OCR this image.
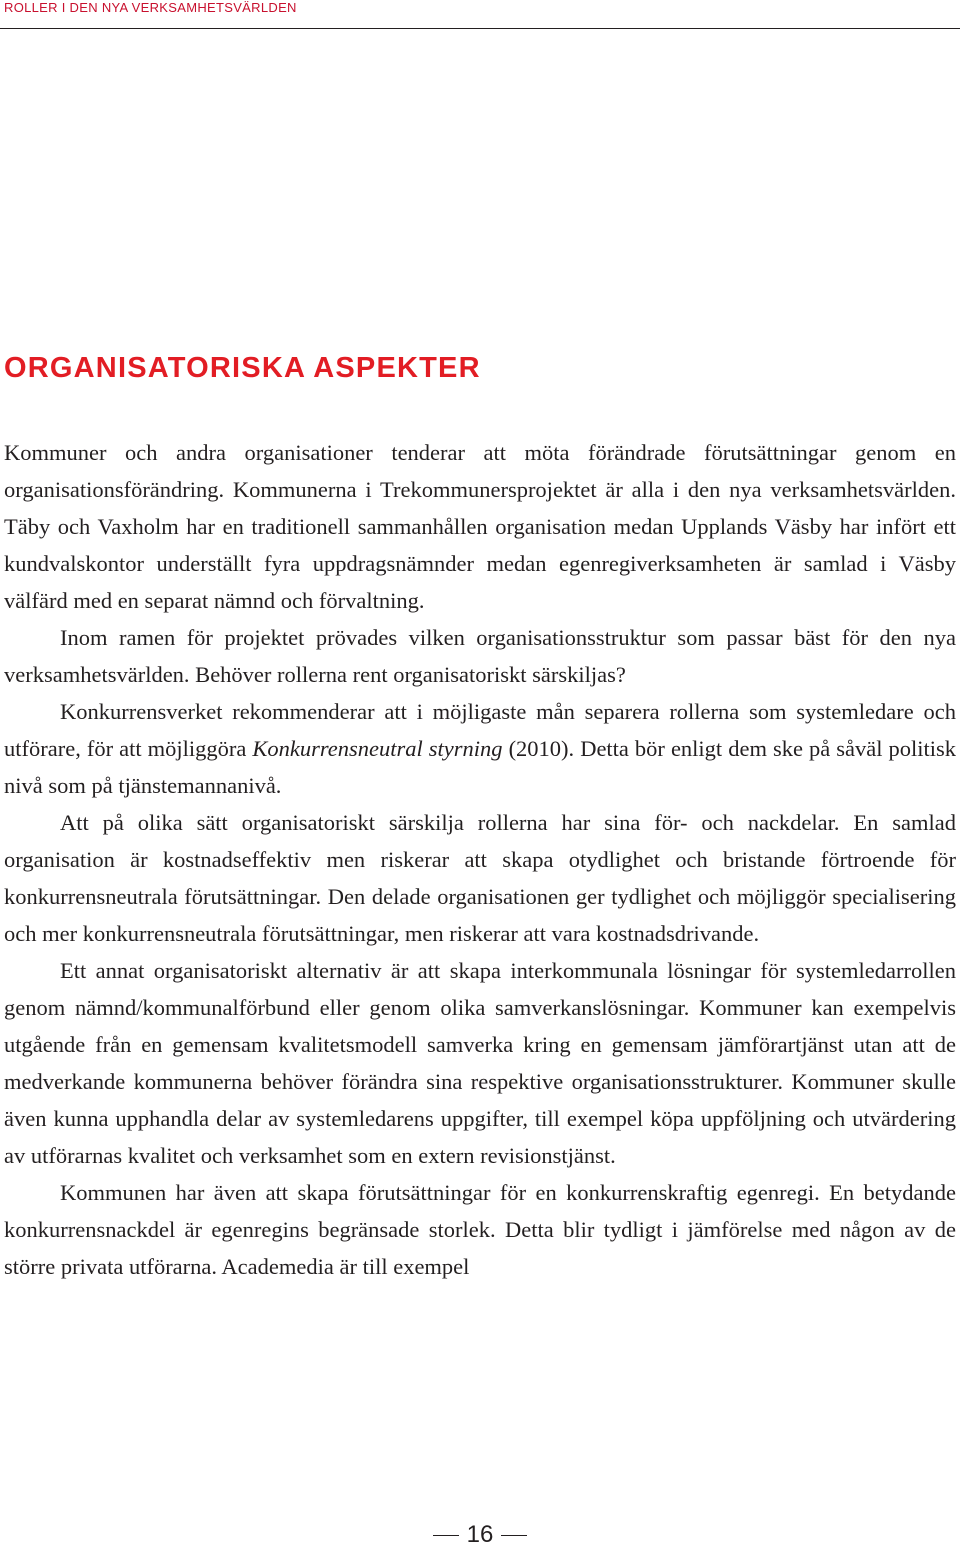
ROLLER I DEN NYA VERKSAMHETSVÄRLDEN
ORGANISATORISKA ASPEKTER

Kommuner och andra organisationer tenderar att möta förändrade förutsättningar genom en organisationsförändring. Kommunerna i Trekommunersprojektet är alla i den nya verksamhetsvärlden. Täby och Vaxholm har en traditionell sammanhållen organisation medan Upplands Väsby har infört ett kundvalskontor underställt fyra uppdragsnämnder medan egenregiverksamheten är samlad i Väsby välfärd med en separat nämnd och förvaltning.

Inom ramen för projektet prövades vilken organisationsstruktur som passar bäst för den nya verksamhetsvärlden. Behöver rollerna rent organisatoriskt särskiljas?

Konkurrensverket rekommenderar att i möjligaste mån separera rollerna som systemledare och utförare, för att möjliggöra Konkurrensneutral styrning (2010). Detta bör enligt dem ske på såväl politisk nivå som på tjänstemannanivå.

Att på olika sätt organisatoriskt särskilja rollerna har sina för- och nackdelar. En samlad organisation är kostnadseffektiv men riskerar att skapa otydlighet och bristande förtroende för konkurrensneutrala förutsättningar. Den delade organisationen ger tydlighet och möjliggör specialisering och mer konkurrensneutrala förutsättningar, men riskerar att vara kostnadsdrivande.

Ett annat organisatoriskt alternativ är att skapa interkommunala lösningar för systemledarrollen genom nämnd/kommunalförbund eller genom olika samverkanslösningar. Kommuner kan exempelvis utgående från en gemensam kvalitetsmodell samverka kring en gemensam jämförartjänst utan att de medverkande kommunerna behöver förändra sina respektive organisationsstrukturer. Kommuner skulle även kunna upphandla delar av systemledarens uppgifter, till exempel köpa uppföljning och utvärdering av utförarnas kvalitet och verksamhet som en extern revisionstjänst.

Kommunen har även att skapa förutsättningar för en konkurrenskraftig egenregi. En betydande konkurrensnackdel är egenregins begränsade storlek. Detta blir tydligt i jämförelse med någon av de större privata utförarna. Academedia är till exempel

16
